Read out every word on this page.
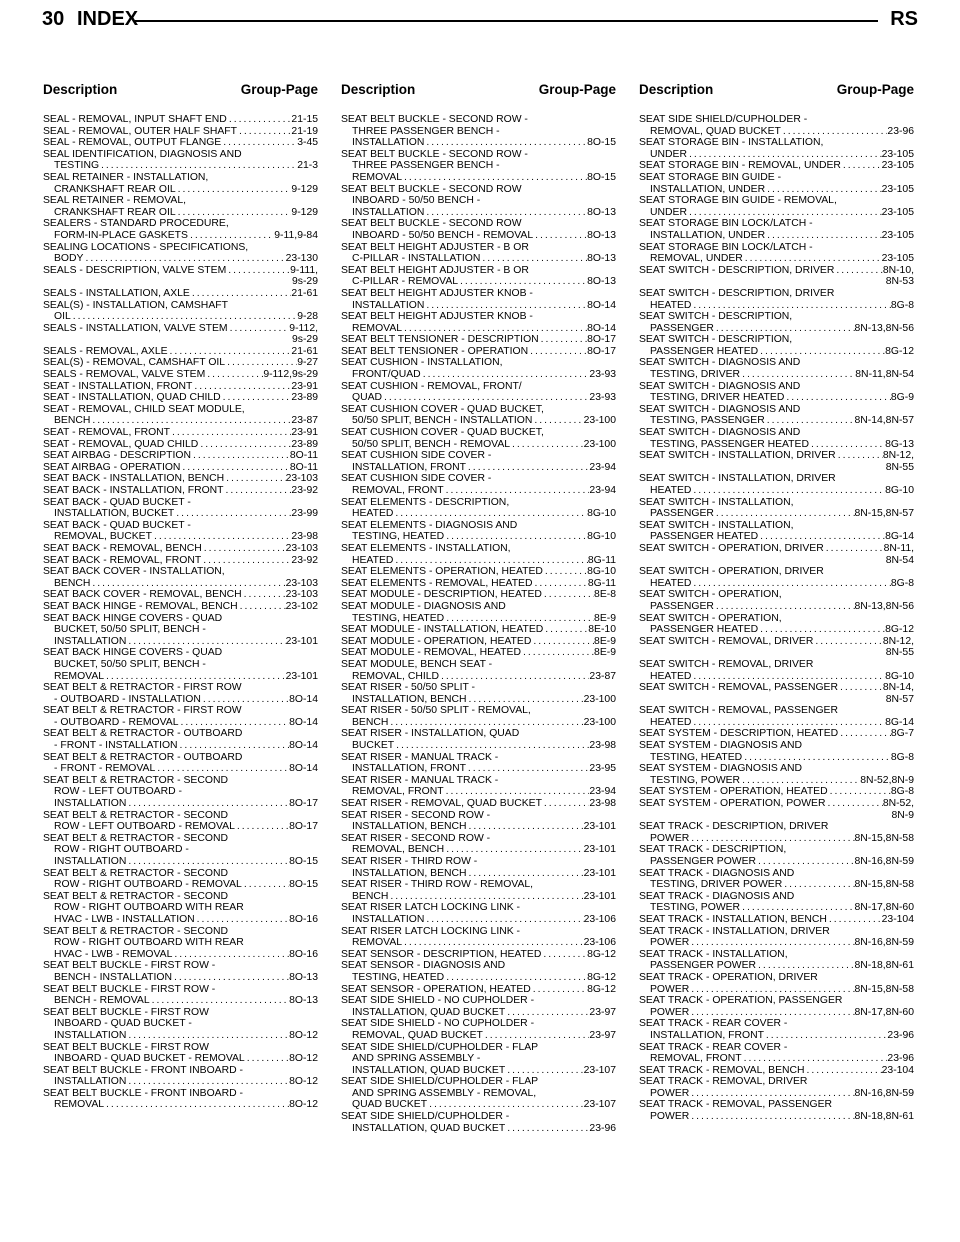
30 INDEX	RS
Description	Group-Page Description	Group-Page Description	Group-Page
SEAL - REMOVAL, INPUT SHAFT END .....	21-15
SEAL - REMOVAL, OUTER HALF SHAFT .....	21-19
SEAL - REMOVAL, OUTPUT FLANGE .....	3-45
SEAL IDENTIFICATION, DIAGNOSIS AND
TESTING .....	21-3
SEAL RETAINER - INSTALLATION,
CRANKSHAFT REAR OIL .....	9-129
SEAL RETAINER - REMOVAL,
CRANKSHAFT REAR OIL .....	9-129
SEALERS - STANDARD PROCEDURE,
FORM-IN-PLACE GASKETS .....	9-11,9-84
SEALING LOCATIONS - SPECIFICATIONS,
BODY .....	23-130
SEALS - DESCRIPTION, VALVE STEM .....	9-111,
9s-29
SEALS - INSTALLATION, AXLE .....	21-61
SEAL(S) - INSTALLATION, CAMSHAFT
OIL .....	9-28
SEALS - INSTALLATION, VALVE STEM .....	9-112,
9s-29
SEALS - REMOVAL, AXLE .....	21-61
SEAL(S) - REMOVAL, CAMSHAFT OIL .....	9-27
SEALS - REMOVAL, VALVE STEM .....	9-112,9s-29
SEAT - INSTALLATION, FRONT .....	23-91
SEAT - INSTALLATION, QUAD CHILD .....	23-89
SEAT - REMOVAL, CHILD SEAT MODULE,
BENCH .....	23-87
SEAT - REMOVAL, FRONT .....	23-91
SEAT - REMOVAL, QUAD CHILD .....	23-89
SEAT AIRBAG - DESCRIPTION .....	8O-11
SEAT AIRBAG - OPERATION .....	8O-11
SEAT BACK - INSTALLATION, BENCH .....	23-103
SEAT BACK - INSTALLATION, FRONT .....	23-92
SEAT BACK - QUAD BUCKET -
INSTALLATION, BUCKET .....	23-99
SEAT BACK - QUAD BUCKET -
REMOVAL, BUCKET .....	23-98
SEAT BACK - REMOVAL, BENCH .....	23-103
SEAT BACK - REMOVAL, FRONT .....	23-92
SEAT BACK COVER - INSTALLATION,
BENCH .....	23-103
SEAT BACK COVER - REMOVAL, BENCH .....	23-103
SEAT BACK HINGE - REMOVAL, BENCH .....	23-102
SEAT BACK HINGE COVERS - QUAD
BUCKET, 50/50 SPLIT, BENCH -
INSTALLATION .....	23-101
SEAT BACK HINGE COVERS - QUAD
BUCKET, 50/50 SPLIT, BENCH -
REMOVAL .....	23-101
SEAT BELT & RETRACTOR - FIRST ROW
- OUTBOARD - INSTALLATION .....	8O-14
SEAT BELT & RETRACTOR - FIRST ROW
- OUTBOARD - REMOVAL .....	8O-14
SEAT BELT & RETRACTOR - OUTBOARD
- FRONT - INSTALLATION .....	8O-14
SEAT BELT & RETRACTOR - OUTBOARD
- FRONT - REMOVAL .....	8O-14
SEAT BELT & RETRACTOR - SECOND
ROW - LEFT OUTBOARD -
INSTALLATION .....	8O-17
SEAT BELT & RETRACTOR - SECOND
ROW - LEFT OUTBOARD - REMOVAL .....	8O-17
SEAT BELT & RETRACTOR - SECOND
ROW - RIGHT OUTBOARD -
INSTALLATION .....	8O-15
SEAT BELT & RETRACTOR - SECOND
ROW - RIGHT OUTBOARD - REMOVAL .....	8O-15
SEAT BELT & RETRACTOR - SECOND
ROW - RIGHT OUTBOARD WITH REAR
HVAC - LWB - INSTALLATION .....	8O-16
SEAT BELT & RETRACTOR - SECOND
ROW - RIGHT OUTBOARD WITH REAR
HVAC - LWB - REMOVAL .....	8O-16
SEAT BELT BUCKLE - FIRST ROW -
BENCH - INSTALLATION .....	8O-13
SEAT BELT BUCKLE - FIRST ROW -
BENCH - REMOVAL .....	8O-13
SEAT BELT BUCKLE - FIRST ROW
INBOARD - QUAD BUCKET -
INSTALLATION .....	8O-12
SEAT BELT BUCKLE - FIRST ROW
INBOARD - QUAD BUCKET - REMOVAL .....	8O-12
SEAT BELT BUCKLE - FRONT INBOARD -
INSTALLATION .....	8O-12
SEAT BELT BUCKLE - FRONT INBOARD -
REMOVAL .....	8O-12
SEAT BELT BUCKLE - SECOND ROW -
THREE PASSENGER BENCH -
INSTALLATION .....	8O-15
SEAT BELT BUCKLE - SECOND ROW -
THREE PASSENGER BENCH -
REMOVAL .....	8O-15
SEAT BELT BUCKLE - SECOND ROW
INBOARD - 50/50 BENCH -
INSTALLATION .....	8O-13
SEAT BELT BUCKLE - SECOND ROW
INBOARD - 50/50 BENCH - REMOVAL .....	8O-13
SEAT BELT HEIGHT ADJUSTER - B OR
C-PILLAR - INSTALLATION .....	8O-13
SEAT BELT HEIGHT ADJUSTER - B OR
C-PILLAR - REMOVAL .....	8O-13
SEAT BELT HEIGHT ADJUSTER KNOB -
INSTALLATION .....	8O-14
SEAT BELT HEIGHT ADJUSTER KNOB -
REMOVAL .....	8O-14
SEAT BELT TENSIONER - DESCRIPTION .....	8O-17
SEAT BELT TENSIONER - OPERATION .....	8O-17
SEAT CUSHION - INSTALLATION,
FRONT/QUAD .....	23-93
SEAT CUSHION - REMOVAL, FRONT/
QUAD .....	23-93
SEAT CUSHION COVER - QUAD BUCKET,
50/50 SPLIT, BENCH - INSTALLATION .....	23-100
SEAT CUSHION COVER - QUAD BUCKET,
50/50 SPLIT, BENCH - REMOVAL .....	23-100
SEAT CUSHION SIDE COVER -
INSTALLATION, FRONT .....	23-94
SEAT CUSHION SIDE COVER -
REMOVAL, FRONT .....	23-94
SEAT ELEMENTS - DESCRIPTION,
HEATED .....	8G-10
SEAT ELEMENTS - DIAGNOSIS AND
TESTING, HEATED .....	8G-10
SEAT ELEMENTS - INSTALLATION,
HEATED .....	8G-11
SEAT ELEMENTS - OPERATION, HEATED .....	8G-10
SEAT ELEMENTS - REMOVAL, HEATED .....	8G-11
SEAT MODULE - DESCRIPTION, HEATED .....	8E-8
SEAT MODULE - DIAGNOSIS AND
TESTING, HEATED .....	8E-9
SEAT MODULE - INSTALLATION, HEATED .....	8E-10
SEAT MODULE - OPERATION, HEATED .....	8E-9
SEAT MODULE - REMOVAL, HEATED .....	8E-9
SEAT MODULE, BENCH SEAT -
REMOVAL, CHILD .....	23-87
SEAT RISER - 50/50 SPLIT -
INSTALLATION, BENCH .....	23-100
SEAT RISER - 50/50 SPLIT - REMOVAL,
BENCH .....	23-100
SEAT RISER - INSTALLATION, QUAD
BUCKET .....	23-98
SEAT RISER - MANUAL TRACK -
INSTALLATION, FRONT .....	23-95
SEAT RISER - MANUAL TRACK -
REMOVAL, FRONT .....	23-94
SEAT RISER - REMOVAL, QUAD BUCKET .....	23-98
SEAT RISER - SECOND ROW -
INSTALLATION, BENCH .....	23-101
SEAT RISER - SECOND ROW -
REMOVAL, BENCH .....	23-101
SEAT RISER - THIRD ROW -
INSTALLATION, BENCH .....	23-101
SEAT RISER - THIRD ROW - REMOVAL,
BENCH .....	23-101
SEAT RISER LATCH LOCKING LINK -
INSTALLATION .....	23-106
SEAT RISER LATCH LOCKING LINK -
REMOVAL .....	23-106
SEAT SENSOR - DESCRIPTION, HEATED .....	8G-12
SEAT SENSOR - DIAGNOSIS AND
TESTING, HEATED .....	8G-12
SEAT SENSOR - OPERATION, HEATED .....	8G-12
SEAT SIDE SHIELD - NO CUPHOLDER -
INSTALLATION, QUAD BUCKET .....	23-97
SEAT SIDE SHIELD - NO CUPHOLDER -
REMOVAL, QUAD BUCKET .....	23-97
SEAT SIDE SHIELD/CUPHOLDER - FLAP
AND SPRING ASSEMBLY -
INSTALLATION, QUAD BUCKET .....	23-107
SEAT SIDE SHIELD/CUPHOLDER - FLAP
AND SPRING ASSEMBLY - REMOVAL,
QUAD BUCKET .....	23-107
SEAT SIDE SHIELD/CUPHOLDER -
INSTALLATION, QUAD BUCKET .....	23-96
SEAT SIDE SHIELD/CUPHOLDER -
REMOVAL, QUAD BUCKET .....	23-96
SEAT STORAGE BIN - INSTALLATION,
UNDER .....	23-105
SEAT STORAGE BIN - REMOVAL, UNDER .....	23-105
SEAT STORAGE BIN GUIDE -
INSTALLATION, UNDER .....	23-105
SEAT STORAGE BIN GUIDE - REMOVAL,
UNDER .....	23-105
SEAT STORAGE BIN LOCK/LATCH -
INSTALLATION, UNDER .....	23-105
SEAT STORAGE BIN LOCK/LATCH -
REMOVAL, UNDER .....	23-105
SEAT SWITCH - DESCRIPTION, DRIVER .....	8N-10,
8N-53
SEAT SWITCH - DESCRIPTION, DRIVER
HEATED .....	8G-8
SEAT SWITCH - DESCRIPTION,
PASSENGER .....	8N-13,8N-56
SEAT SWITCH - DESCRIPTION,
PASSENGER HEATED .....	8G-12
SEAT SWITCH - DIAGNOSIS AND
TESTING, DRIVER .....	8N-11,8N-54
SEAT SWITCH - DIAGNOSIS AND
TESTING, DRIVER HEATED .....	8G-9
SEAT SWITCH - DIAGNOSIS AND
TESTING, PASSENGER .....	8N-14,8N-57
SEAT SWITCH - DIAGNOSIS AND
TESTING, PASSENGER HEATED .....	8G-13
SEAT SWITCH - INSTALLATION, DRIVER .....	8N-12,
8N-55
SEAT SWITCH - INSTALLATION, DRIVER
HEATED .....	8G-10
SEAT SWITCH - INSTALLATION,
PASSENGER .....	8N-15,8N-57
SEAT SWITCH - INSTALLATION,
PASSENGER HEATED .....	8G-14
SEAT SWITCH - OPERATION, DRIVER .....	8N-11,
8N-54
SEAT SWITCH - OPERATION, DRIVER
HEATED .....	8G-8
SEAT SWITCH - OPERATION,
PASSENGER .....	8N-13,8N-56
SEAT SWITCH - OPERATION,
PASSENGER HEATED .....	8G-12
SEAT SWITCH - REMOVAL, DRIVER .....	8N-12,
8N-55
SEAT SWITCH - REMOVAL, DRIVER
HEATED .....	8G-10
SEAT SWITCH - REMOVAL, PASSENGER .....	8N-14,
8N-57
SEAT SWITCH - REMOVAL, PASSENGER
HEATED .....	8G-14
SEAT SYSTEM - DESCRIPTION, HEATED .....	8G-7
SEAT SYSTEM - DIAGNOSIS AND
TESTING, HEATED .....	8G-8
SEAT SYSTEM - DIAGNOSIS AND
TESTING, POWER .....	8N-52,8N-9
SEAT SYSTEM - OPERATION, HEATED .....	8G-8
SEAT SYSTEM - OPERATION, POWER .....	8N-52,
8N-9
SEAT TRACK - DESCRIPTION, DRIVER
POWER .....	8N-15,8N-58
SEAT TRACK - DESCRIPTION,
PASSENGER POWER .....	8N-16,8N-59
SEAT TRACK - DIAGNOSIS AND
TESTING, DRIVER POWER .....	8N-15,8N-58
SEAT TRACK - DIAGNOSIS AND
TESTING, POWER .....	8N-17,8N-60
SEAT TRACK - INSTALLATION, BENCH .....	23-104
SEAT TRACK - INSTALLATION, DRIVER
POWER .....	8N-16,8N-59
SEAT TRACK - INSTALLATION,
PASSENGER POWER .....	8N-18,8N-61
SEAT TRACK - OPERATION, DRIVER
POWER .....	8N-15,8N-58
SEAT TRACK - OPERATION, PASSENGER
POWER .....	8N-17,8N-60
SEAT TRACK - REAR COVER -
INSTALLATION, FRONT .....	23-96
SEAT TRACK - REAR COVER -
REMOVAL, FRONT .....	23-96
SEAT TRACK - REMOVAL, BENCH .....	23-104
SEAT TRACK - REMOVAL, DRIVER
POWER .....	8N-16,8N-59
SEAT TRACK - REMOVAL, PASSENGER
POWER .....	8N-18,8N-61
